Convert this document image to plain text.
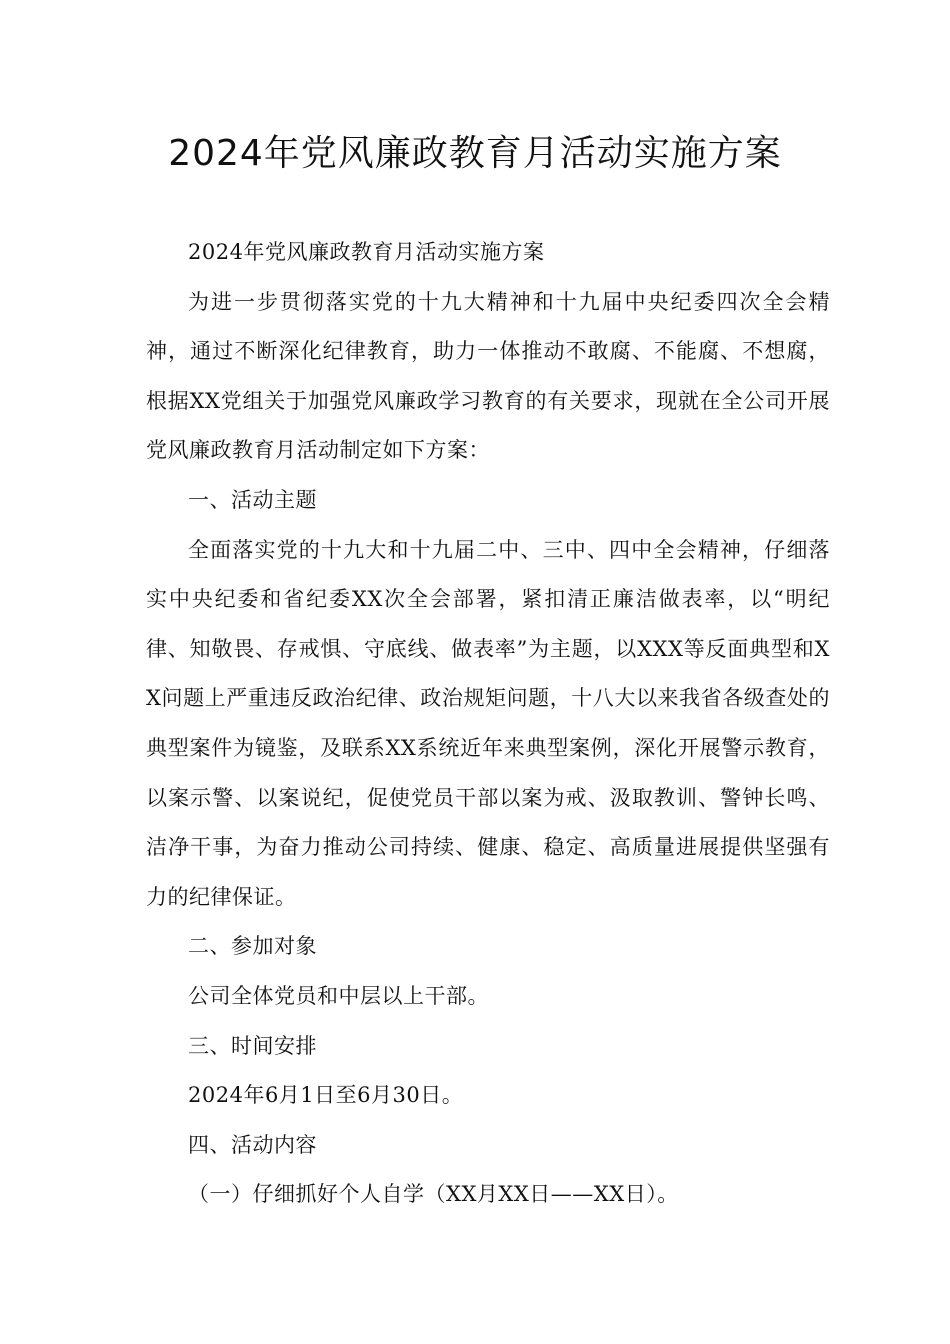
2024年党风廉政教育月活动实施方案

2024年党风廉政教育月活动实施方案

为进一步贯彻落实党的十九大精神和十九届中央纪委四次全会精神，通过不断深化纪律教育，助力一体推动不敢腐、不能腐、不想腐，根据XX党组关于加强党风廉政学习教育的有关要求，现就在全公司开展党风廉政教育月活动制定如下方案：

一、活动主题

全面落实党的十九大和十九届二中、三中、四中全会精神，仔细落实中央纪委和省纪委XX次全会部署，紧扣清正廉洁做表率，以“明纪律、知敬畏、存戒惧、守底线、做表率”为主题，以XXX等反面典型和XX问题上严重违反政治纪律、政治规矩问题，十八大以来我省各级查处的典型案件为镜鉴，及联系XX系统近年来典型案例，深化开展警示教育，以案示警、以案说纪，促使党员干部以案为戒、汲取教训、警钟长鸣、洁净干事，为奋力推动公司持续、健康、稳定、高质量进展提供坚强有力的纪律保证。

二、参加对象

公司全体党员和中层以上干部。

三、时间安排

2024年6月1日至6月30日。

四、活动内容

（一）仔细抓好个人自学（XX月XX日——XX日）。
